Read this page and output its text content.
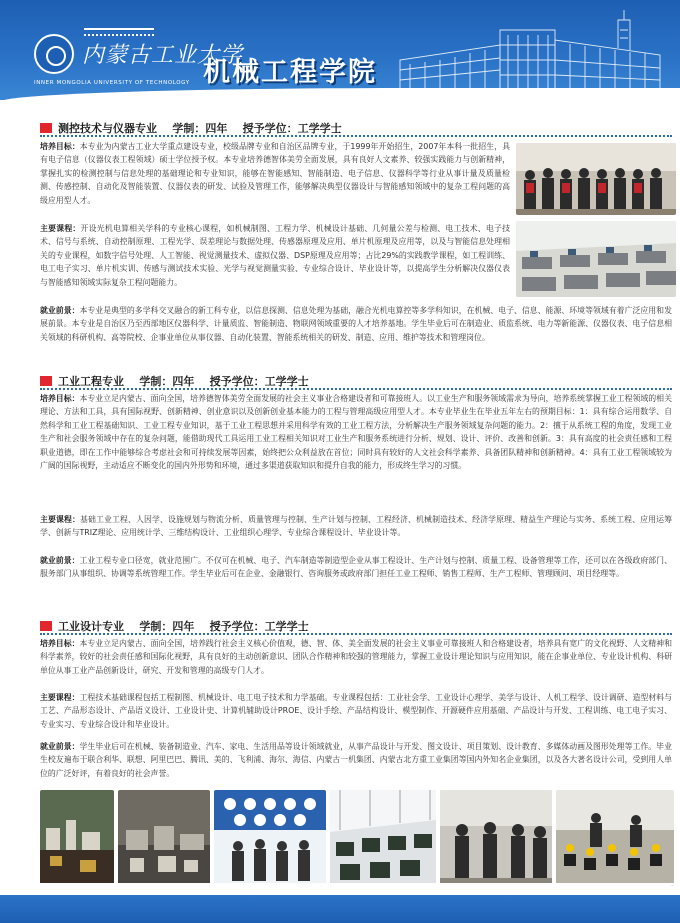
内蒙古工业大学
INNER MONGOLIA UNIVERSITY OF TECHNOLOGY 机械工程学院
测控技术与仪器专业 学制：四年 授予学位：工学学士
培养目标：本专业为内蒙古工业大学重点建设专业，校级品牌专业和自治区品牌专业，于1999年开始招生，2007年本科一批招生，具有电子信息（仪器仪表工程领域）硕士学位授予权。本专业培养德智体美劳全面发展，具有良好人文素养、较强实践能力与创新精神，掌握扎实的检测控制与信息处理的基础理论和专业知识，能够在智能感知、智能制造、电子信息、仪器科学等行业从事计量及质量检测、传感控制、自动化及智能装置、仪器仪表的研发、试验及管理工作，能够解决典型仪器设计与智能感知领域中的复杂工程问题的高级应用型人才。
主要课程：开设光机电算相关学科的专业核心课程，如机械制图、工程力学、机械设计基础、几何量公差与检测、电工技术、电子技术、信号与系统、自动控制原理、工程光学、误差理论与数据处理、传感器原理及应用、单片机原理及应用等，以及与智能信息处理相关的专业课程，如数字信号处理、人工智能、视觉测量技术、虚拟仪器、DSP原理及应用等；占比29%的实践教学课程，如工程训练、电工电子实习、单片机实训、传感与测试技术实验、光学与视觉测量实验、专业综合设计、毕业设计等，以提高学生分析解决仪器仪表与智能感知领域实际复杂工程问题能力。
就业前景：本专业是典型的多学科交叉融合的新工科专业，以信息探测、信息处理为基础，融合光机电算控等多学科知识，在机械、电子、信息、能源、环境等领域有着广泛应用和发展前景。本专业是自治区乃至西部地区仪器科学、计量质监、智能制造、物联网领域重要的人才培养基地。学生毕业后可在制造业、质监系统、电力等新能源、仪器仪表、电子信息相关领域的科研机构、高等院校、企事业单位从事仪器、自动化装置、智能系统相关的研发、制造、应用、维护等技术和管理岗位。
工业工程专业 学制：四年 授予学位：工学学士
培养目标：本专业立足内蒙古、面向全国，培养德智体美劳全面发展的社会主义事业合格建设者和可靠接班人。以工业生产和服务领域需求为导向，培养系统掌握工业工程领域的相关理论、方法和工具，具有国际视野、创新精神、创业意识以及创新创业基本能力的工程与管理高级应用型人才。本专业毕业生在毕业五年左右的预期目标：1：具有综合运用数学、自然科学和工业工程基础知识、工业工程专业知识，基于工业工程思想并采用科学有效的工业工程方法，分析解决生产服务领域复杂问题的能力。2：擅于从系统工程的角度，发现工业生产和社会服务领域中存在的复杂问题，能借助现代工具运用工业工程相关知识对工业生产和服务系统进行分析、规划、设计、评价、改善和创新。3：具有高度的社会责任感和工程职业道德，即在工作中能够综合考虑社会和可持续发展等因素，始终把公众利益放在首位；同时具有较好的人文社会科学素养、具备团队精神和创新精神。4：具有工业工程领域较为广阔的国际视野，主动适应不断变化的国内外形势和环境，通过多渠道获取知识和提升自我的能力，形成终生学习的习惯。
主要课程：基础工业工程、人因学、设施规划与物流分析、质量管理与控制、生产计划与控制、工程经济、机械制造技术、经济学原理、精益生产理论与实务、系统工程、应用运筹学、创新与TRIZ理论、应用统计学、三维结构设计、工业组织心理学、专业综合课程设计、毕业设计等。
就业前景：工业工程专业口径宽，就业范围广。不仅可在机械、电子、汽车制造等制造型企业从事工程设计、生产计划与控制、质量工程、设备管理等工作，还可以在各级政府部门、服务部门从事组织、协调等系统管理工作。学生毕业后可在企业、金融银行、咨询服务或政府部门担任工业工程师、销售工程师、生产工程师、管理顾问、项目经理等。
工业设计专业 学制：四年 授予学位：工学学士
培养目标：本专业立足内蒙古、面向全国，培养践行社会主义核心价值观，德、智、体、美全面发展的社会主义事业可靠接班人和合格建设者，培养具有宽广的文化视野、人文精神和科学素养，较好的社会责任感和国际化视野，具有良好的主动创新意识、团队合作精神和较强的管理能力，掌握工业设计理论知识与应用知识，能在企事业单位、专业设计机构、科研单位从事工业产品创新设计，研究、开发和管理的高级专门人才。
主要课程：工程技术基础课程包括工程制图、机械设计、电工电子技术和力学基础。专业课程包括：工业社会学、工业设计心理学、美学与设计、人机工程学、设计调研、造型材料与工艺、产品形态设计、产品语义设计、工业设计史、计算机辅助设计PROE、设计手绘、产品结构设计、模型制作、开源硬件应用基础、产品设计与开发、工程训练、电工电子实习、专业实习、专业综合设计和毕业设计。
就业前景：学生毕业后可在机械、装备制造业、汽车、家电、生活用品等设计领域就业，从事产品设计与开发、图文设计、项目策划、设计教育、多媒体动画及图形处理等工作。毕业生校友遍布于联合利华、联想、阿里巴巴、腾讯、美的、飞利浦、海尔、海信、内蒙古一机集团、内蒙古北方重工业集团等国内外知名企业集团，以及各大著名设计公司，受到用人单位的广泛好评，有着良好的社会声誉。
